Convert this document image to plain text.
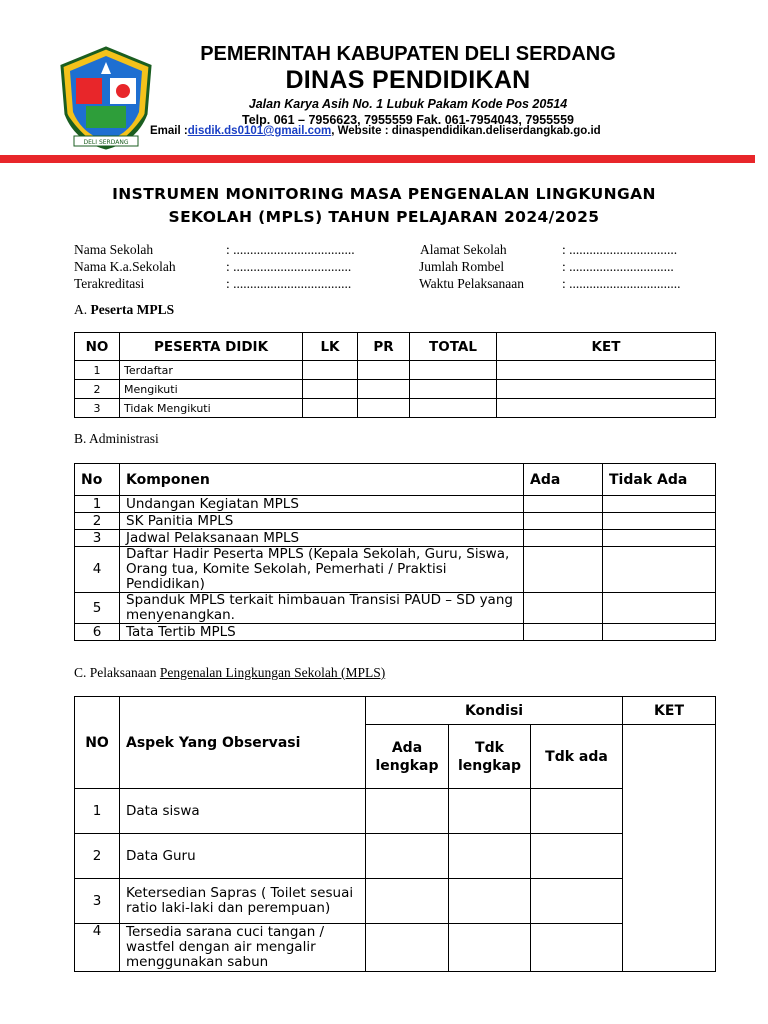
DELI SERDANG
PEMERINTAH KABUPATEN DELI SERDANG
DINAS PENDIDIKAN
Jalan Karya Asih No. 1 Lubuk Pakam Kode Pos 20514
Telp. 061 – 7956623, 7955559 Fak. 061-7954043, 7955559
Email :disdik.ds0101@gmail.com, Website : dinaspendidikan.deliserdangkab.go.id
INSTRUMEN MONITORING MASA PENGENALAN LINGKUNGAN
SEKOLAH (MPLS) TAHUN PELAJARAN 2024/2025
Nama Sekolah	: ....................................
Nama K.a.Sekolah	: ...................................
Terakreditasi	: ...................................
Alamat Sekolah	: ................................
Jumlah Rombel	: ...............................
Waktu Pelaksanaan	: .................................
A. Peserta MPLS
NO	PESERTA DIDIK	LK	PR	TOTAL	KET
1	Terdaftar				
2	Mengikuti				
3	Tidak Mengikuti				
B. Administrasi
No	Komponen	Ada	Tidak Ada
1	Undangan Kegiatan MPLS		
2	SK Panitia MPLS		
3	Jadwal Pelaksanaan MPLS		
4	Daftar Hadir Peserta MPLS (Kepala Sekolah, Guru, Siswa, Orang tua, Komite Sekolah, Pemerhati / Praktisi Pendidikan)		
5	Spanduk MPLS terkait himbauan Transisi PAUD – SD yang menyenangkan.		
6	Tata Tertib MPLS		
C. Pelaksanaan Pengenalan Lingkungan Sekolah (MPLS)
NO	Aspek Yang Observasi	Kondisi			KET
		Ada lengkap	Tdk lengkap	Tdk ada	
1	Data siswa				
2	Data Guru				
3	Ketersedian Sapras ( Toilet sesuai ratio laki-laki dan perempuan)				
4	Tersedia sarana cuci tangan / wastfel dengan air mengalir menggunakan sabun				
